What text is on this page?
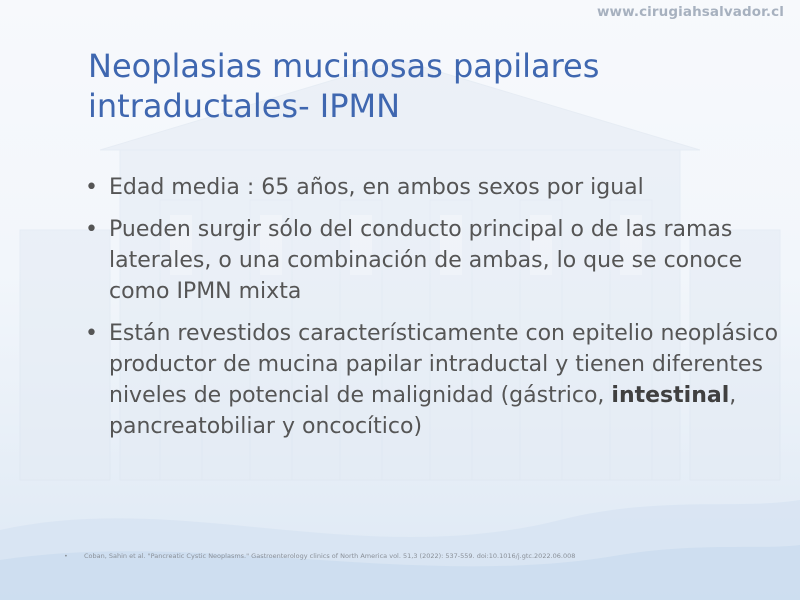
www.cirugiahsalvador.cl
Neoplasias mucinosas papilares intraductales- IPMN
• Edad media : 65 años, en ambos sexos por igual
• Pueden surgir sólo del conducto principal o de las ramas laterales, o una combinación de ambas, lo que se conoce como IPMN mixta
• Están revestidos característicamente con epitelio neoplásico productor de mucina papilar intraductal y tienen diferentes niveles de potencial de malignidad (gástrico, intestinal, pancreatobiliar y oncocítico)
• Coban, Sahin et al. "Pancreatic Cystic Neoplasms." Gastroenterology clinics of North America vol. 51,3 (2022): 537-559. doi:10.1016/j.gtc.2022.06.008
